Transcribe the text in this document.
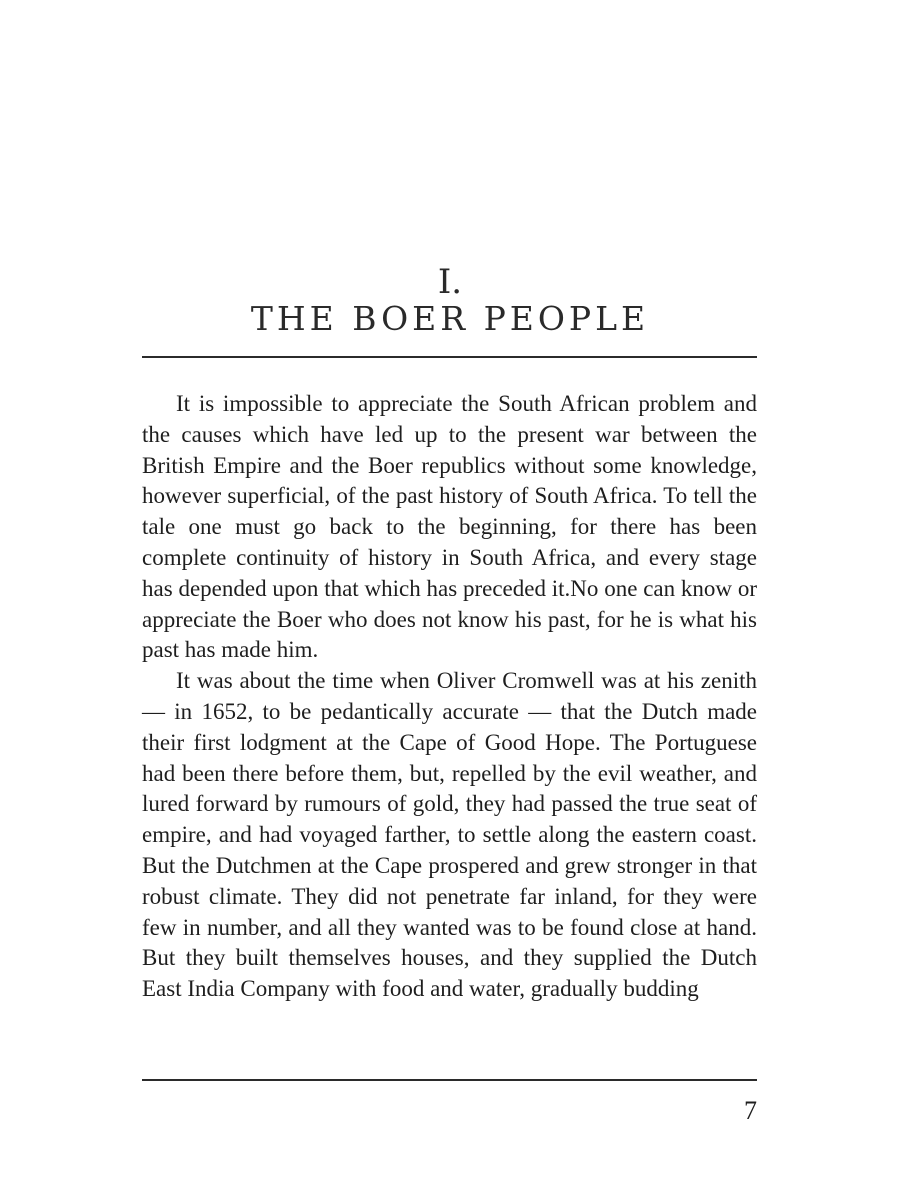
I.
THE BOER PEOPLE

It is impossible to appreciate the South African problem and the causes which have led up to the present war between the British Empire and the Boer republics without some knowledge, however superficial, of the past history of South Africa. To tell the tale one must go back to the beginning, for there has been complete continuity of history in South Africa, and every stage has depended upon that which has preceded it.No one can know or appreciate the Boer who does not know his past, for he is what his past has made him.

It was about the time when Oliver Cromwell was at his zenith — in 1652, to be pedantically accurate — that the Dutch made their first lodgment at the Cape of Good Hope. The Portuguese had been there before them, but, repelled by the evil weather, and lured forward by rumours of gold, they had passed the true seat of empire, and had voyaged farther, to settle along the eastern coast. But the Dutchmen at the Cape prospered and grew stronger in that robust climate. They did not penetrate far inland, for they were few in number, and all they wanted was to be found close at hand. But they built themselves houses, and they supplied the Dutch East India Company with food and water, gradually budding

7
